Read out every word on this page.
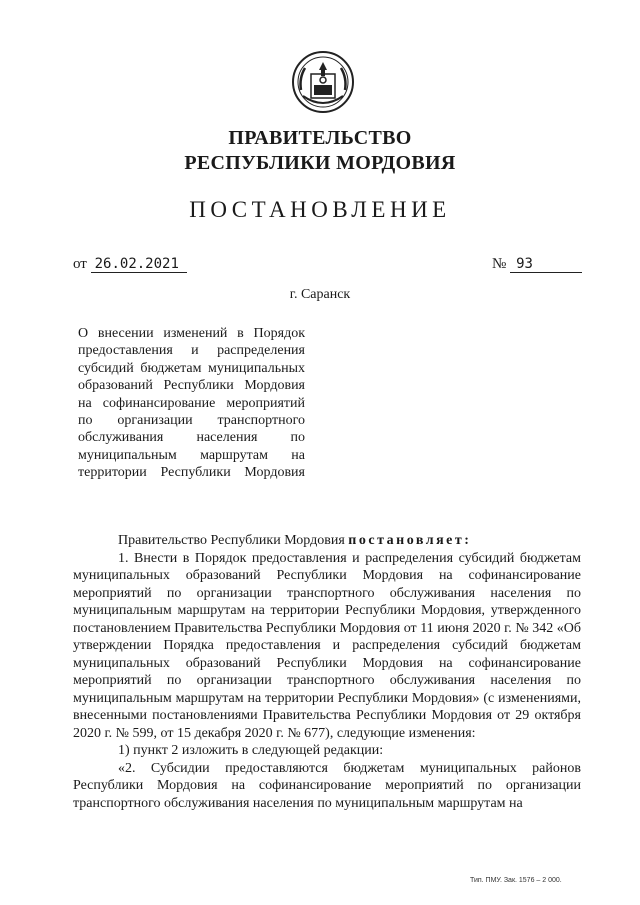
ПРАВИТЕЛЬСТВО
РЕСПУБЛИКИ МОРДОВИЯ
ПОСТАНОВЛЕНИЕ
от 26.02.2021	№ 93
г. Саранск
О внесении изменений в Порядок предоставления и распределения субсидий бюджетам муниципальных образований Республики Мордовия на софинансирование мероприятий по организации транспортного обслуживания населения по муниципальным маршрутам на территории Республики Мордовия

Правительство Республики Мордовия постановляет:

1. Внести в Порядок предоставления и распределения субсидий бюджетам муниципальных образований Республики Мордовия на софинансирование мероприятий по организации транспортного обслуживания населения по муниципальным маршрутам на территории Республики Мордовия, утвержденного постановлением Правительства Республики Мордовия от 11 июня 2020 г. № 342 «Об утверждении Порядка предоставления и распределения субсидий бюджетам муниципальных образований Республики Мордовия на софинансирование мероприятий по организации транспортного обслуживания населения по муниципальным маршрутам на территории Республики Мордовия» (с изменениями, внесенными постановлениями Правительства Республики Мордовия от 29 октября 2020 г. № 599, от 15 декабря 2020 г. № 677), следующие изменения:

1) пункт 2 изложить в следующей редакции:

«2. Субсидии предоставляются бюджетам муниципальных районов Республики Мордовия на софинансирование мероприятий по организации транспортного обслуживания населения по муниципальным маршрутам на

Тип. ПМУ. Зак. 1576 – 2 000.
